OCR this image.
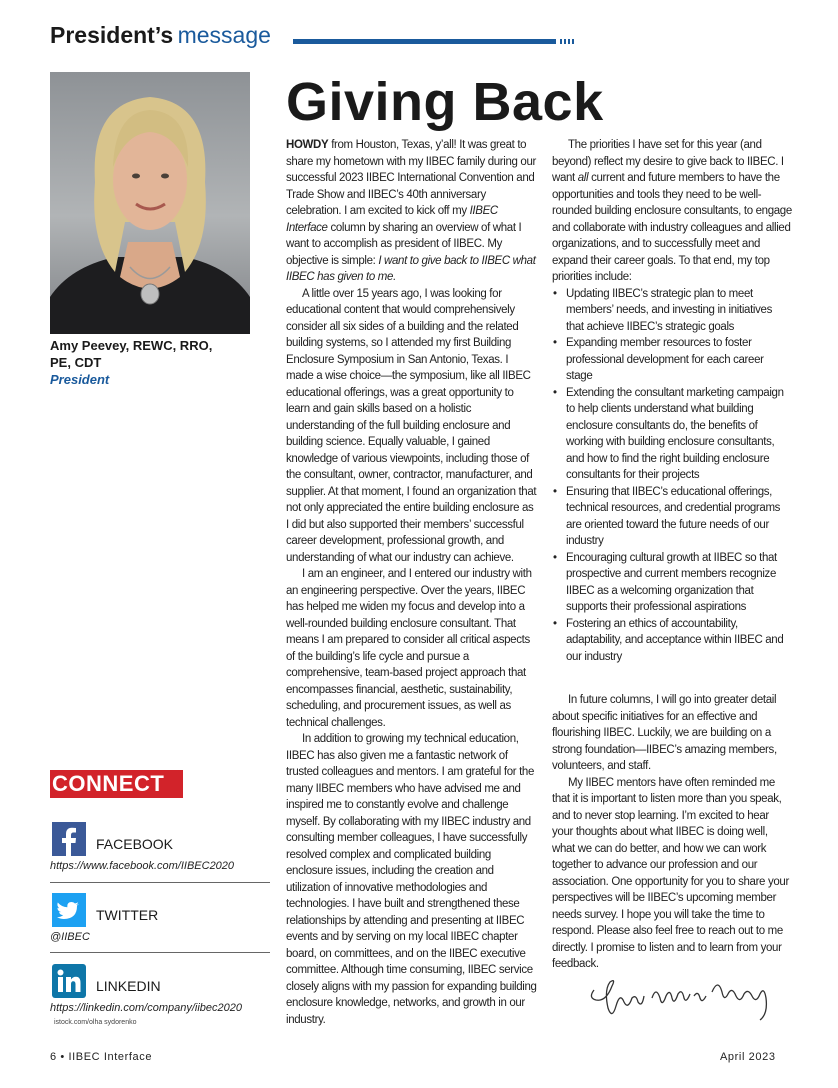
President’s message
Amy Peevey, REWC, RRO,
PE, CDT
President
CONNECT
FACEBOOK
https://www.facebook.com/IIBEC2020
TWITTER
@IIBEC
LINKEDIN
https://linkedin.com/company/iibec2020
istock.com/olha sydorenko
Giving Back

HOWDY from Houston, Texas, y’all! It was great to share my hometown with my IIBEC family during our successful 2023 IIBEC International Convention and Trade Show and IIBEC’s 40th anniversary celebration. I am excited to kick off my IIBEC Interface column by sharing an overview of what I want to accomplish as president of IIBEC. My objective is simple: I want to give back to IIBEC what IIBEC has given to me.

A little over 15 years ago, I was looking for educational content that would comprehensively consider all six sides of a building and the related building systems, so I attended my first Building Enclosure Symposium in San Antonio, Texas. I made a wise choice—the symposium, like all IIBEC educational offerings, was a great opportunity to learn and gain skills based on a holistic understanding of the full building enclosure and building science. Equally valuable, I gained knowledge of various viewpoints, including those of the consultant, owner, contractor, manufacturer, and supplier. At that moment, I found an organization that not only appreciated the entire building enclosure as I did but also supported their members’ successful career development, professional growth, and understanding of what our industry can achieve.

I am an engineer, and I entered our industry with an engineering perspective. Over the years, IIBEC has helped me widen my focus and develop into a well-rounded building enclosure consultant. That means I am prepared to consider all critical aspects of the building’s life cycle and pursue a comprehensive, team-based project approach that encompasses financial, aesthetic, sustainability, scheduling, and procurement issues, as well as technical challenges.

In addition to growing my technical education, IIBEC has also given me a fantastic network of trusted colleagues and mentors. I am grateful for the many IIBEC members who have advised me and inspired me to constantly evolve and challenge myself. By collaborating with my IIBEC industry and consulting member colleagues, I have successfully resolved complex and complicated building enclosure issues, including the creation and utilization of innovative methodologies and technologies. I have built and strengthened these relationships by attending and presenting at IIBEC events and by serving on my local IIBEC chapter board, on committees, and on the IIBEC executive committee. Although time consuming, IIBEC service closely aligns with my passion for expanding building enclosure knowledge, networks, and growth in our industry.

The priorities I have set for this year (and beyond) reflect my desire to give back to IIBEC. I want all current and future members to have the opportunities and tools they need to be well-rounded building enclosure consultants, to engage and collaborate with industry colleagues and allied organizations, and to successfully meet and expand their career goals. To that end, my top priorities include:

• Updating IIBEC’s strategic plan to meet members’ needs, and investing in initiatives that achieve IIBEC’s strategic goals
• Expanding member resources to foster professional development for each career stage
• Extending the consultant marketing campaign to help clients understand what building enclosure consultants do, the benefits of working with building enclosure consultants, and how to find the right building enclosure consultants for their projects
• Ensuring that IIBEC’s educational offerings, technical resources, and credential programs are oriented toward the future needs of our industry
• Encouraging cultural growth at IIBEC so that prospective and current members recognize IIBEC as a welcoming organization that supports their professional aspirations
• Fostering an ethics of accountability, adaptability, and acceptance within IIBEC and our industry

In future columns, I will go into greater detail about specific initiatives for an effective and flourishing IIBEC. Luckily, we are building on a strong foundation—IIBEC’s amazing members, volunteers, and staff.

My IIBEC mentors have often reminded me that it is important to listen more than you speak, and to never stop learning. I’m excited to hear your thoughts about what IIBEC is doing well, what we can do better, and how we can work together to advance our profession and our association. One opportunity for you to share your perspectives will be IIBEC’s upcoming member needs survey. I hope you will take the time to respond. Please also feel free to reach out to me directly. I promise to listen and to learn from your feedback.

6 • IIBEC Interface	April 2023
